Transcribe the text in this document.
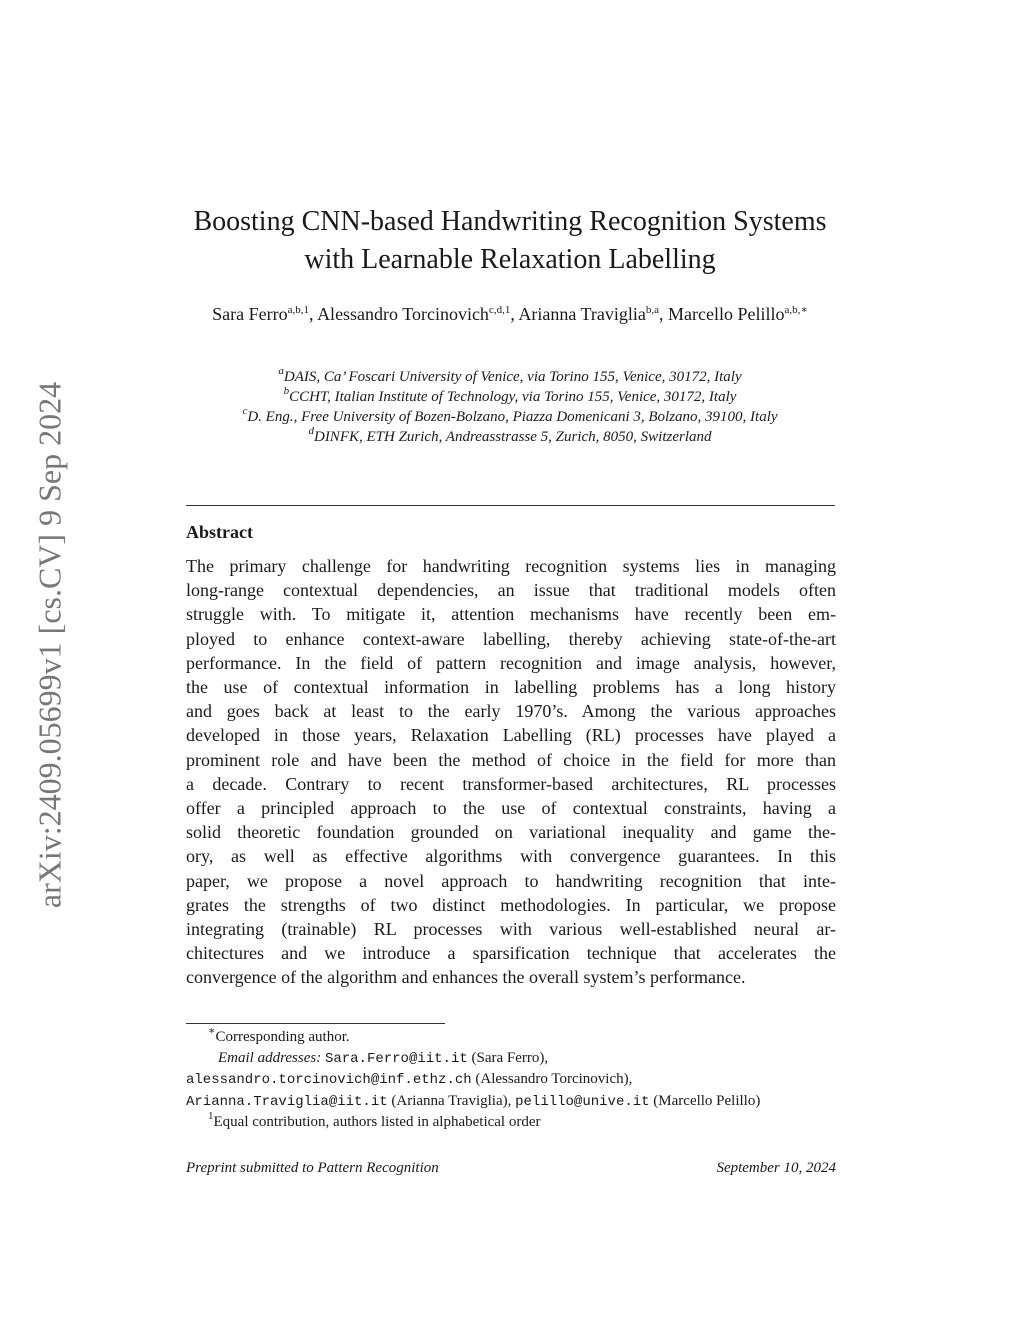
arXiv:2409.05699v1 [cs.CV] 9 Sep 2024
Boosting CNN-based Handwriting Recognition Systems
with Learnable Relaxation Labelling
Sara Ferro$^{a,b,1}$, Alessandro Torcinovich$^{c,d,1}$, Arianna Traviglia$^{b,a}$, Marcello Pelillo$^{a,b,∗}$
$^a$DAIS, Ca’ Foscari University of Venice, via Torino 155, Venice, 30172, Italy
$^b$CCHT, Italian Institute of Technology, via Torino 155, Venice, 30172, Italy
$^c$D. Eng., Free University of Bozen-Bolzano, Piazza Domenicani 3, Bolzano, 39100, Italy
$^d$DINFK, ETH Zurich, Andreasstrasse 5, Zurich, 8050, Switzerland
Abstract
The primary challenge for handwriting recognition systems lies in managing
long-range contextual dependencies, an issue that traditional models often
struggle with. To mitigate it, attention mechanisms have recently been em-
ployed to enhance context-aware labelling, thereby achieving state-of-the-art
performance. In the field of pattern recognition and image analysis, however,
the use of contextual information in labelling problems has a long history
and goes back at least to the early 1970’s. Among the various approaches
developed in those years, Relaxation Labelling (RL) processes have played a
prominent role and have been the method of choice in the field for more than
a decade. Contrary to recent transformer-based architectures, RL processes
offer a principled approach to the use of contextual constraints, having a
solid theoretic foundation grounded on variational inequality and game the-
ory, as well as effective algorithms with convergence guarantees. In this
paper, we propose a novel approach to handwriting recognition that inte-
grates the strengths of two distinct methodologies. In particular, we propose
integrating (trainable) RL processes with various well-established neural ar-
chitectures and we introduce a sparsification technique that accelerates the
convergence of the algorithm and enhances the overall system’s performance.
∗Corresponding author.
Email addresses: Sara.Ferro@iit.it (Sara Ferro),
alessandro.torcinovich@inf.ethz.ch (Alessandro Torcinovich),
Arianna.Traviglia@iit.it (Arianna Traviglia), pelillo@unive.it (Marcello Pelillo)
$^1$Equal contribution, authors listed in alphabetical order
Preprint submitted to Pattern Recognition	September 10, 2024
